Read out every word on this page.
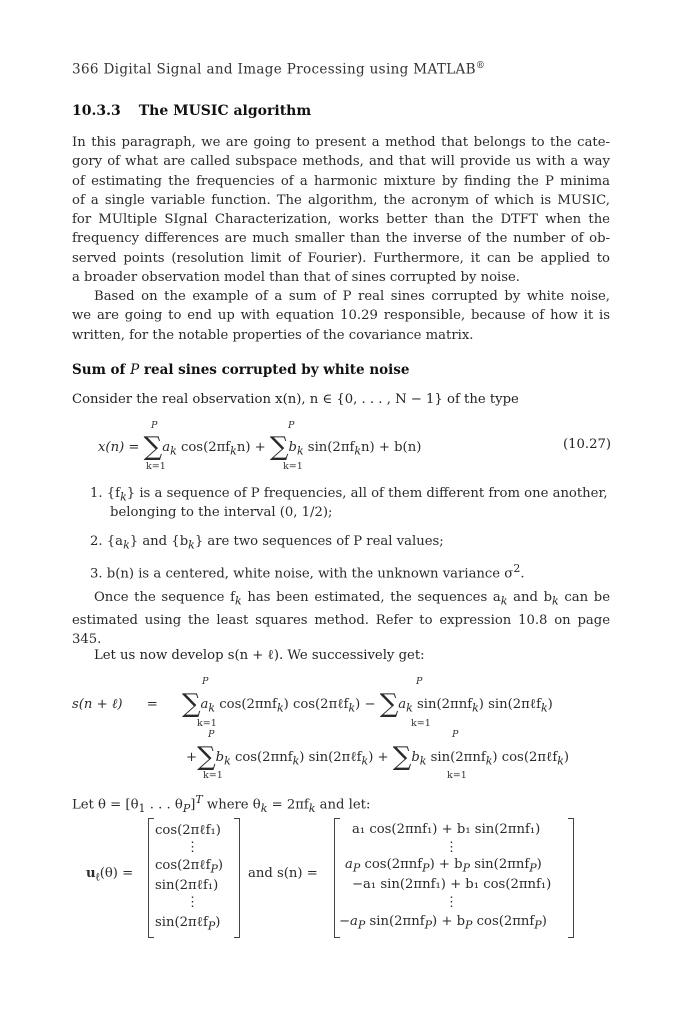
366 Digital Signal and Image Processing using MATLAB®
10.3.3 The MUSIC algorithm
In this paragraph, we are going to present a method that belongs to the cate-
gory of what are called subspace methods, and that will provide us with a way
of estimating the frequencies of a harmonic mixture by finding the P minima
of a single variable function. The algorithm, the acronym of which is MUSIC,
for MUltiple SIgnal Characterization, works better than the DTFT when the
frequency differences are much smaller than the inverse of the number of ob-
served points (resolution limit of Fourier). Furthermore, it can be applied to
a broader observation model than that of sines corrupted by noise.
Based on the example of a sum of P real sines corrupted by white noise,
we are going to end up with equation 10.29 responsible, because of how it is
written, for the notable properties of the covariance matrix.
Sum of P real sines corrupted by white noise
Consider the real observation x(n), n ∈ {0, . . . , N − 1} of the type
$x(n) = \sum a_k$ $\cos(2\pi f_kn) + \sum b_k$ $\sin(2\pi f_kn) + b(n)$
P
k=1
P
k=1
(10.27)
1. $\{f_k\}$ is a sequence of P frequencies, all of them different from one another,
belonging to the interval (0, 1/2);
2. $\{a_k\}$ and $\{b_k\}$ are two sequences of P real values;
3. b(n) is a centered, white noise, with the unknown variance $\sigma^2$.
Once the sequence $f_k$ has been estimated, the sequences $a_k$ and $b_k$ can be
estimated using the least squares method. Refer to expression 10.8 on page
345.
Let us now develop s(n + ℓ). We successively get:
s(n + ℓ) = $\sum a_k$ cos(2πnf$_k$) cos(2πℓf$_k$) − $\sum a_k$ sin(2πnf$_k$) sin(2πℓf$_k$)
P
k=1
P
k=1
$+\sum b_k$ cos(2πnf$_k$) sin(2πℓf$_k$) + $\sum b_k$ sin(2πnf$_k$) cos(2πℓf$_k$)
P
k=1
P
k=1
Let $\theta = [\theta_1$ . . . $\theta_P]^T$ where $\theta_k = 2\pi f_k$ and let:
$u_\ell(\theta)$ =
cos(2πℓf₁)
⋮
cos(2πℓf$_P$)
sin(2πℓf₁)
⋮
sin(2πℓf$_P$)
and s(n) =
a₁ cos(2πnf₁) + b₁ sin(2πnf₁)
⋮
$a_P$ $\cos(2\pi nf_P) + b_P$ sin(2πnf$_P$)
−a₁ sin(2πnf₁) + b₁ cos(2πnf₁)
⋮
$-a_P$ $\sin(2\pi nf_P) + b_P$ cos(2πnf$_P$)
